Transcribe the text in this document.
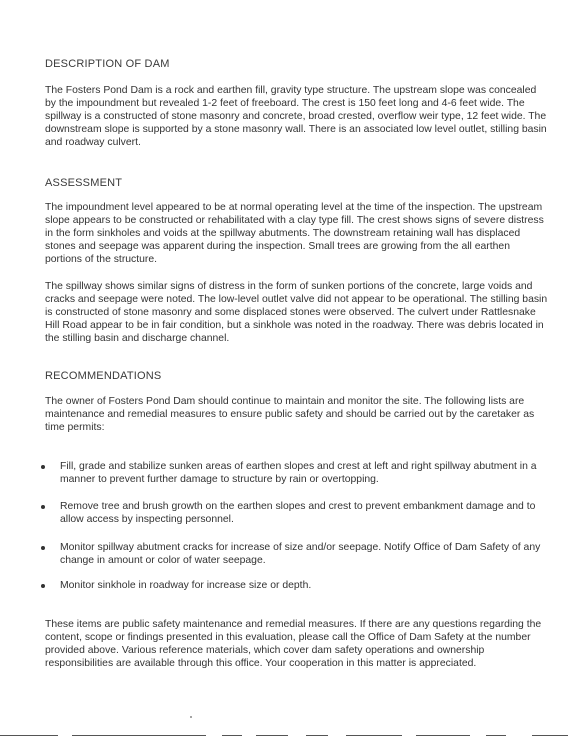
DESCRIPTION OF DAM

The Fosters Pond Dam is a rock and earthen fill, gravity type structure. The upstream slope was concealed by the impoundment but revealed 1-2 feet of freeboard. The crest is 150 feet long and 4-6 feet wide. The spillway is a constructed of stone masonry and concrete, broad crested, overflow weir type, 12 feet wide. The downstream slope is supported by a stone masonry wall. There is an associated low level outlet, stilling basin and roadway culvert.

ASSESSMENT

The impoundment level appeared to be at normal operating level at the time of the inspection. The upstream slope appears to be constructed or rehabilitated with a clay type fill. The crest shows signs of severe distress in the form sinkholes and voids at the spillway abutments. The downstream retaining wall has displaced stones and seepage was apparent during the inspection. Small trees are growing from the all earthen portions of the structure.

The spillway shows similar signs of distress in the form of sunken portions of the concrete, large voids and cracks and seepage were noted. The low-level outlet valve did not appear to be operational. The stilling basin is constructed of stone masonry and some displaced stones were observed. The culvert under Rattlesnake Hill Road appear to be in fair condition, but a sinkhole was noted in the roadway. There was debris located in the stilling basin and discharge channel.

RECOMMENDATIONS

The owner of Fosters Pond Dam should continue to maintain and monitor the site. The following lists are maintenance and remedial measures to ensure public safety and should be carried out by the caretaker as time permits:

Fill, grade and stabilize sunken areas of earthen slopes and crest at left and right spillway abutment in a manner to prevent further damage to structure by rain or overtopping.
Remove tree and brush growth on the earthen slopes and crest to prevent embankment damage and to allow access by inspecting personnel.
Monitor spillway abutment cracks for increase of size and/or seepage. Notify Office of Dam Safety of any change in amount or color of water seepage.
Monitor sinkhole in roadway for increase size or depth.

These items are public safety maintenance and remedial measures. If there are any questions regarding the content, scope or findings presented in this evaluation, please call the Office of Dam Safety at the number provided above. Various reference materials, which cover dam safety operations and ownership responsibilities are available through this office. Your cooperation in this matter is appreciated.
